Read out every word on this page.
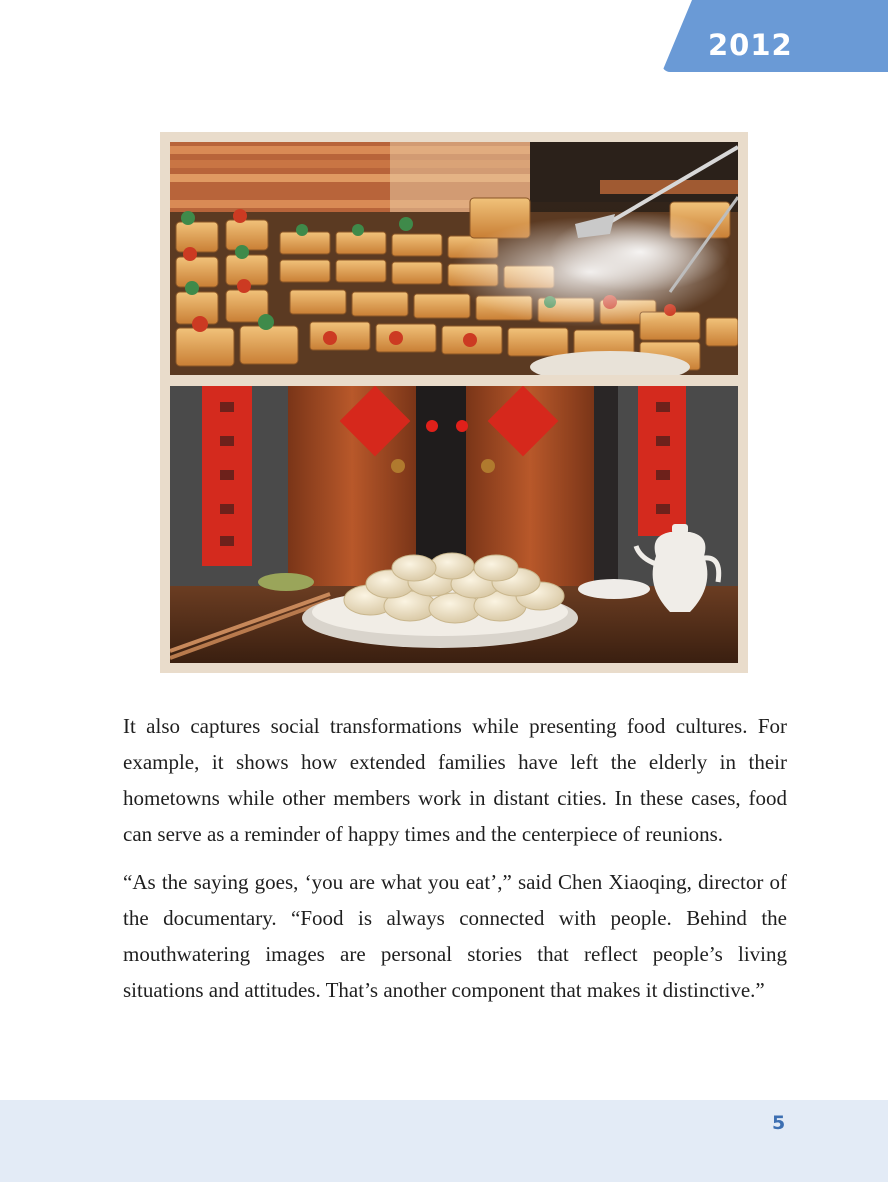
2012

It also captures social transformations while presenting food cultures. For example, it shows how extended families have left the elderly in their hometowns while other members work in distant cities. In these cases, food can serve as a reminder of happy times and the centerpiece of reunions.

“As the saying goes, ‘you are what you eat’,” said Chen Xiaoqing, director of the documentary. “Food is always connected with people. Behind the mouthwatering images are personal stories that reflect people’s living situations and attitudes. That’s another component that makes it distinctive.”

5
